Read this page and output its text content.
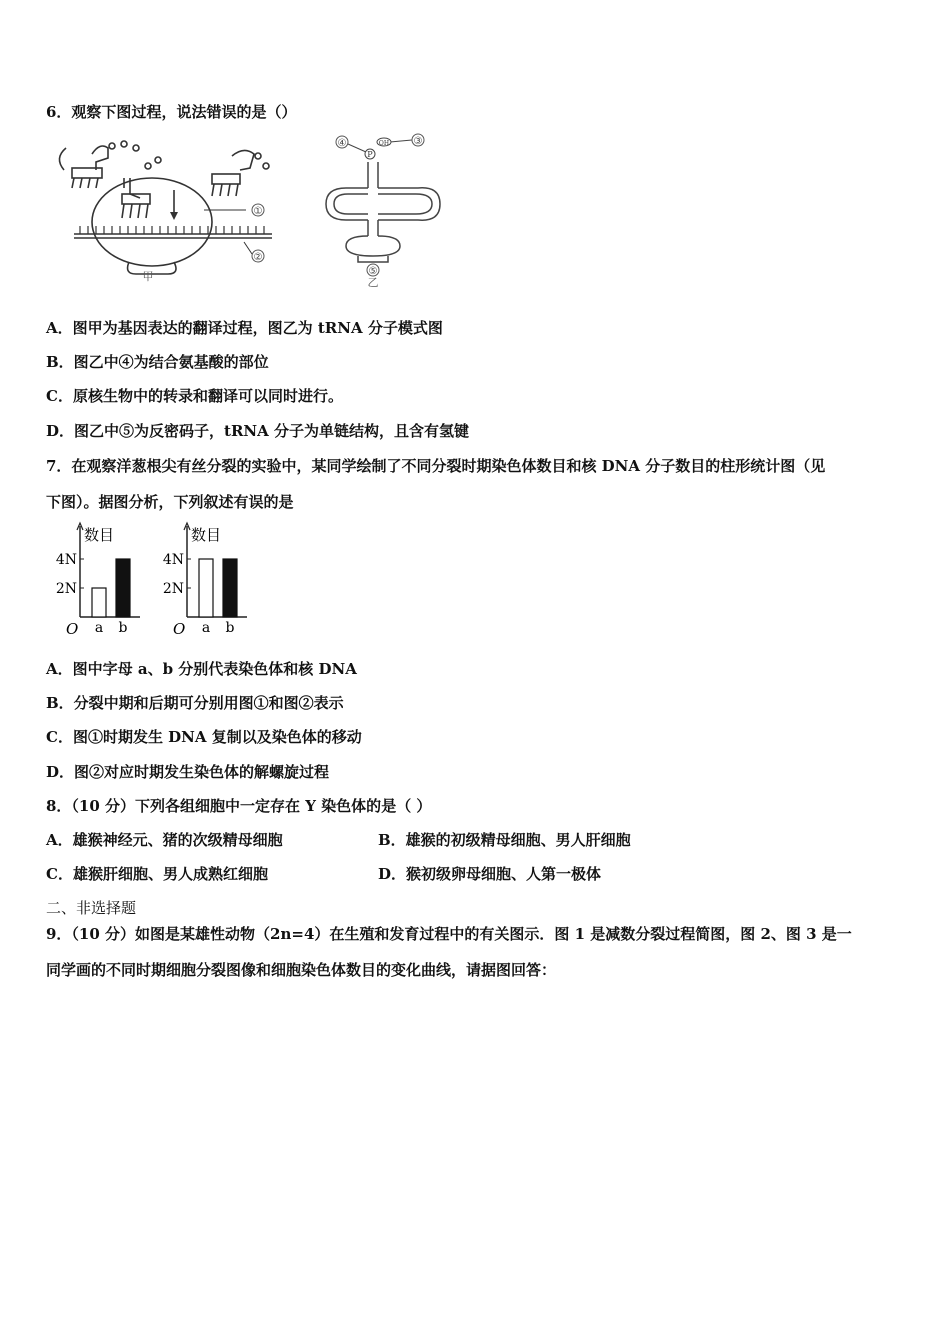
6．观察下图过程，说法错误的是（）
①
②
甲
P
OH
④	③
⑤
乙
A．图甲为基因表达的翻译过程，图乙为 tRNA 分子模式图
B．图乙中④为结合氨基酸的部位
C．原核生物中的转录和翻译可以同时进行。
D．图乙中⑤为反密码子，tRNA 分子为单链结构，且含有氢键
7．在观察洋葱根尖有丝分裂的实验中，某同学绘制了不同分裂时期染色体数目和核 DNA 分子数目的柱形统计图（见
下图）。据图分析，下列叙述有误的是
数目
2N
4N
O a b
数目
2N
4N
O a b
A．图中字母 a、b 分别代表染色体和核 DNA
B．分裂中期和后期可分别用图①和图②表示
C．图①时期发生 DNA 复制以及染色体的移动
D．图②对应时期发生染色体的解螺旋过程
8．（10 分）下列各组细胞中一定存在 Y 染色体的是（ ）
A．雄猴神经元、猪的次级精母细胞	B．雄猴的初级精母细胞、男人肝细胞
C．雄猴肝细胞、男人成熟红细胞	D．猴初级卵母细胞、人第一极体
二、非选择题
9．（10 分）如图是某雄性动物（2n=4）在生殖和发育过程中的有关图示．图 1 是减数分裂过程简图，图 2、图 3 是一
同学画的不同时期细胞分裂图像和细胞染色体数目的变化曲线，请据图回答：
